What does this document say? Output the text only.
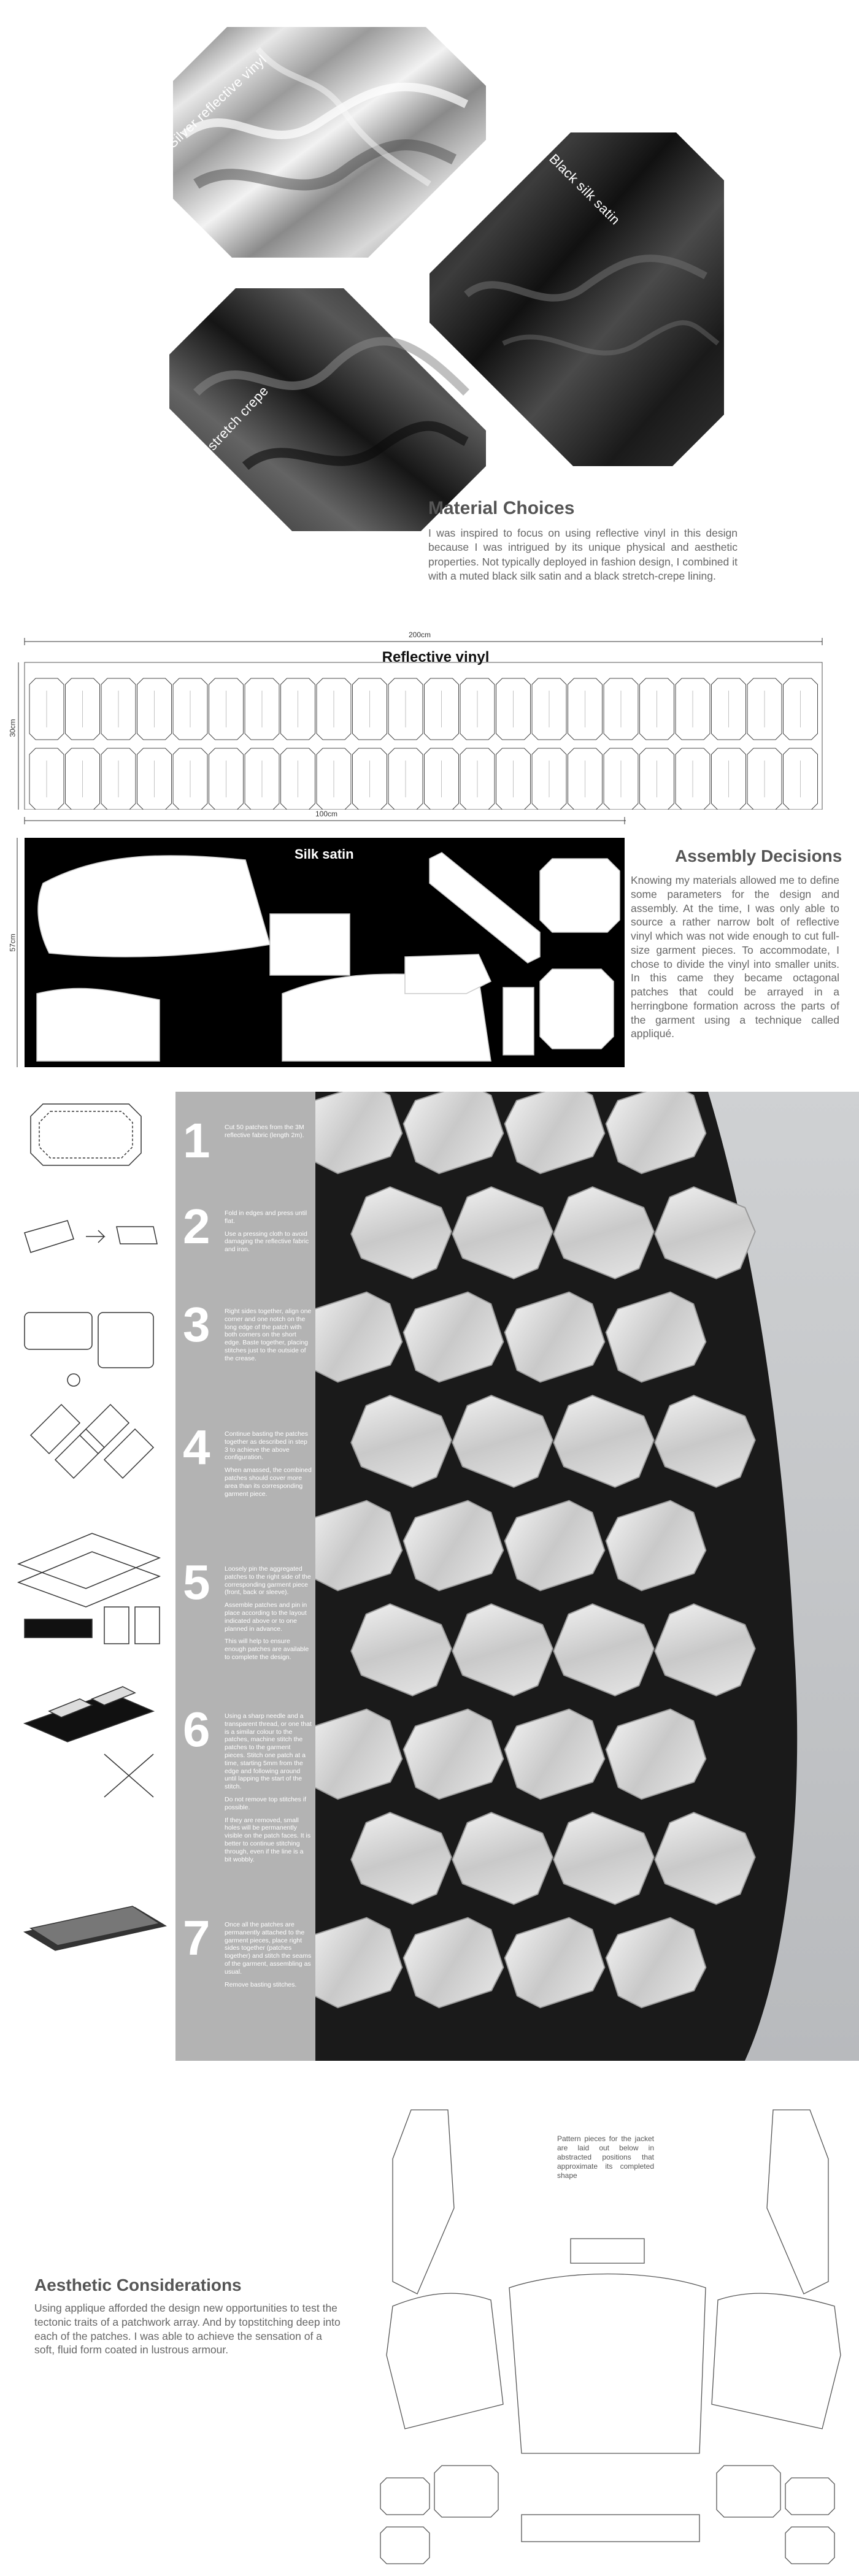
Silver reflective vinyl
Black silk satin
Black stretch crepe
Material Choices

I was inspired to focus on using reflective vinyl in this design because I was intrigued by its unique physical and aesthetic properties. Not typically deployed in fashion design, I combined it with a muted black silk satin and a black stretch-crepe lining.

200cm
30cm
Reflective vinyl
100cm
57cm
Silk satin	Assembly Decisions

Knowing my materials allowed me to define some parameters for the design and assembly. At the time, I was only able to source a rather narrow bolt of reflective vinyl which was not wide enough to cut full-size garment pieces. To accommodate, I chose to divide the vinyl into smaller units. In this came they became octagonal patches that could be arrayed in a herringbone formation across the parts of the garment using a technique called appliqué.

1 Cut 50 patches from the 3M reflective fabric (length 2m).

2 Fold in edges and press until flat.

Use a pressing cloth to avoid damaging the reflective fabric and iron.

3 Right sides together, align one corner and one notch on the long edge of the patch with both corners on the short edge. Baste together, placing stitches just to the outside of the crease.

4 Continue basting the patches together as described in step 3 to achieve the above configuration.

When amassed, the combined patches should cover more area than its corresponding garment piece.

5 Loosely pin the aggregated patches to the right side of the corresponding garment piece (front, back or sleeve).

Assemble patches and pin in place according to the layout indicated above or to one planned in advance.

This will help to ensure enough patches are available to complete the design.

6 Using a sharp needle and a transparent thread, or one that is a similar colour to the patches, machine stitch the patches to the garment pieces. Stitch one patch at a time, starting 5mm from the edge and following around until lapping the start of the stitch.

Do not remove top stitches if possible.

If they are removed, small holes will be permanently visible on the patch faces. It is better to continue stitching through, even if the line is a bit wobbly.

7 Once all the patches are permanently attached to the garment pieces, place right sides together (patches together) and stitch the seams of the garment, assembling as usual.

Remove basting stitches.

Aesthetic Considerations

Using applique afforded the design new opportunities to test the tectonic traits of a patchwork array. And by topstitching deep into each of the patches. I was able to achieve the sensation of a soft, fluid form coated in lustrous armour.

Pattern pieces for the jacket are laid out below in abstracted positions that approximate its completed shape
